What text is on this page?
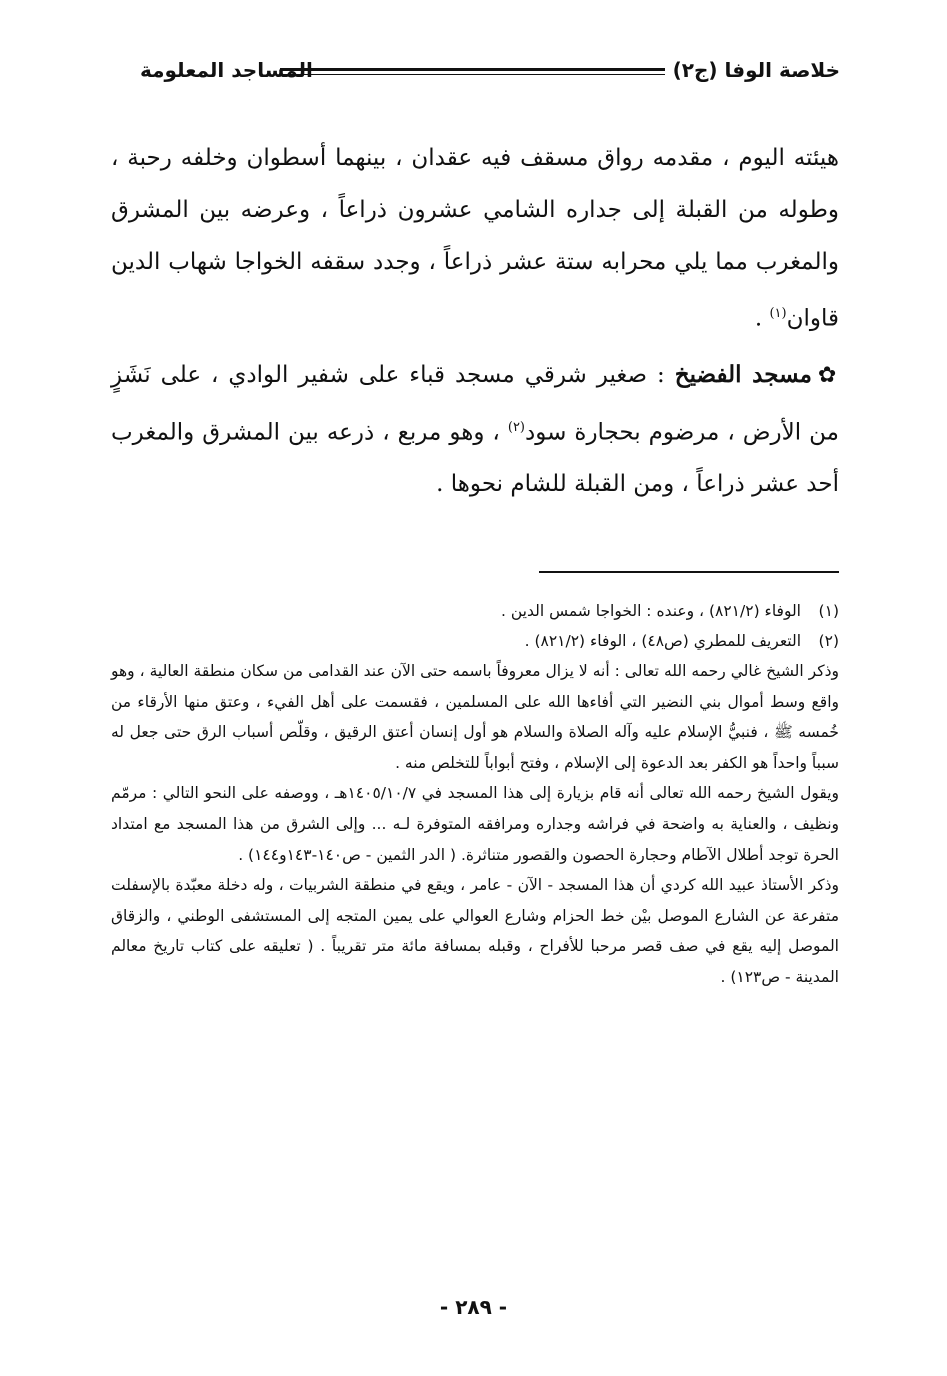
خلاصة الوفا (ج٢)
المساجد المعلومة

هيئته اليوم ، مقدمه رواق مسقف فيه عقدان ، بينهما أسطوان وخلفه رحبة ، وطوله من القبلة إلى جداره الشامي عشرون ذراعاً ، وعرضه بين المشرق والمغرب مما يلي محرابه ستة عشر ذراعاً ، وجدد سقفه الخواجا شهاب الدين قاوان$^{(١)}$ .

✿مسجد الفضيخ : صغير شرقي مسجد قباء على شفير الوادي ، على نَشَزٍ من الأرض ، مرضوم بحجارة سود$^{(٢)}$ ، وهو مربع ، ذرعه بين المشرق والمغرب أحد عشر ذراعاً ، ومن القبلة للشام نحوها .

(١)الوفاء (٨٢١/٢) ، وعنده : الخواجا شمس الدين .

(٢)التعريف للمطري (ص٤٨) ، الوفاء (٨٢١/٢) .

وذكر الشيخ غالي رحمه الله تعالى : أنه لا يزال معروفاً باسمه حتى الآن عند القدامى من سكان منطقة العالية ، وهو واقع وسط أموال بني النضير التي أفاءها الله على المسلمين ، فقسمت على أهل الفيء ، وعتق منها الأرقاء من خُمسه ﷺ ، فنبيُّ الإسلام عليه وآله الصلاة والسلام هو أول إنسان أعتق الرقيق ، وقلّص أسباب الرق حتى جعل له سبباً واحداً هو الكفر بعد الدعوة إلى الإسلام ، وفتح أبواباً للتخلص منه .

ويقول الشيخ رحمه الله تعالى أنه قام بزيارة إلى هذا المسجد في ١٤٠٥/١٠/٧هـ ، ووصفه على النحو التالي : مرمّم ونظيف ، والعناية به واضحة في فراشه وجداره ومرافقه المتوفرة لـه ... وإلى الشرق من هذا المسجد مع امتداد الحرة توجد أطلال الآطام وحجارة الحصون والقصور متناثرة. ( الدر الثمين - ص١٤٠-١٤٣و١٤٤) .

وذكر الأستاذ عبيد الله كردي أن هذا المسجد - الآن - عامر ، ويقع في منطقة الشربيات ، وله دخلة معبّدة بالإسفلت متفرعة عن الشارع الموصل بيْن خط الحزام وشارع العوالي على يمين المتجه إلى المستشفى الوطني ، والزقاق الموصل إليه يقع في صف قصر مرحبا للأفراح ، وقبله بمسافة مائة متر تقريباً . ( تعليقه على كتاب تاريخ معالم المدينة - ص١٢٣) .

- ٢٨٩ -
